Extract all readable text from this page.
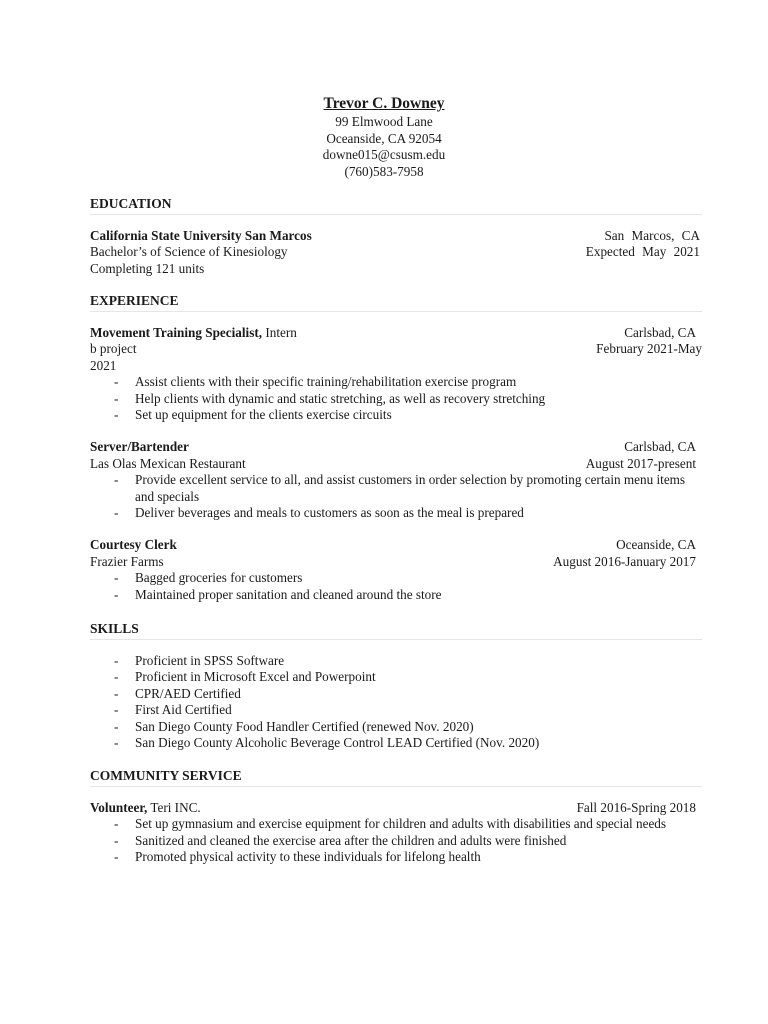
Trevor C. Downey
99 Elmwood Lane
Oceanside, CA 92054
downe015@csusm.edu
(760)583-7958
EDUCATION
California State University San Marcos	San Marcos, CA
Bachelor’s of Science of Kinesiology	Expected May 2021
Completing 121 units
EXPERIENCE
Movement Training Specialist, Intern	Carlsbad, CA
b project	February 2021-May
2021
- Assist clients with their specific training/rehabilitation exercise program
- Help clients with dynamic and static stretching, as well as recovery stretching
- Set up equipment for the clients exercise circuits
Server/Bartender	Carlsbad, CA
Las Olas Mexican Restaurant	August 2017-present
- Provide excellent service to all, and assist customers in order selection by promoting certain menu items and specials
- Deliver beverages and meals to customers as soon as the meal is prepared
Courtesy Clerk	Oceanside, CA
Frazier Farms	August 2016-January 2017
- Bagged groceries for customers
- Maintained proper sanitation and cleaned around the store
SKILLS
- Proficient in SPSS Software
- Proficient in Microsoft Excel and Powerpoint
- CPR/AED Certified
- First Aid Certified
- San Diego County Food Handler Certified (renewed Nov. 2020)
- San Diego County Alcoholic Beverage Control LEAD Certified (Nov. 2020)
COMMUNITY SERVICE
Volunteer, Teri INC.	Fall 2016-Spring 2018
- Set up gymnasium and exercise equipment for children and adults with disabilities and special needs
- Sanitized and cleaned the exercise area after the children and adults were finished
- Promoted physical activity to these individuals for lifelong health
